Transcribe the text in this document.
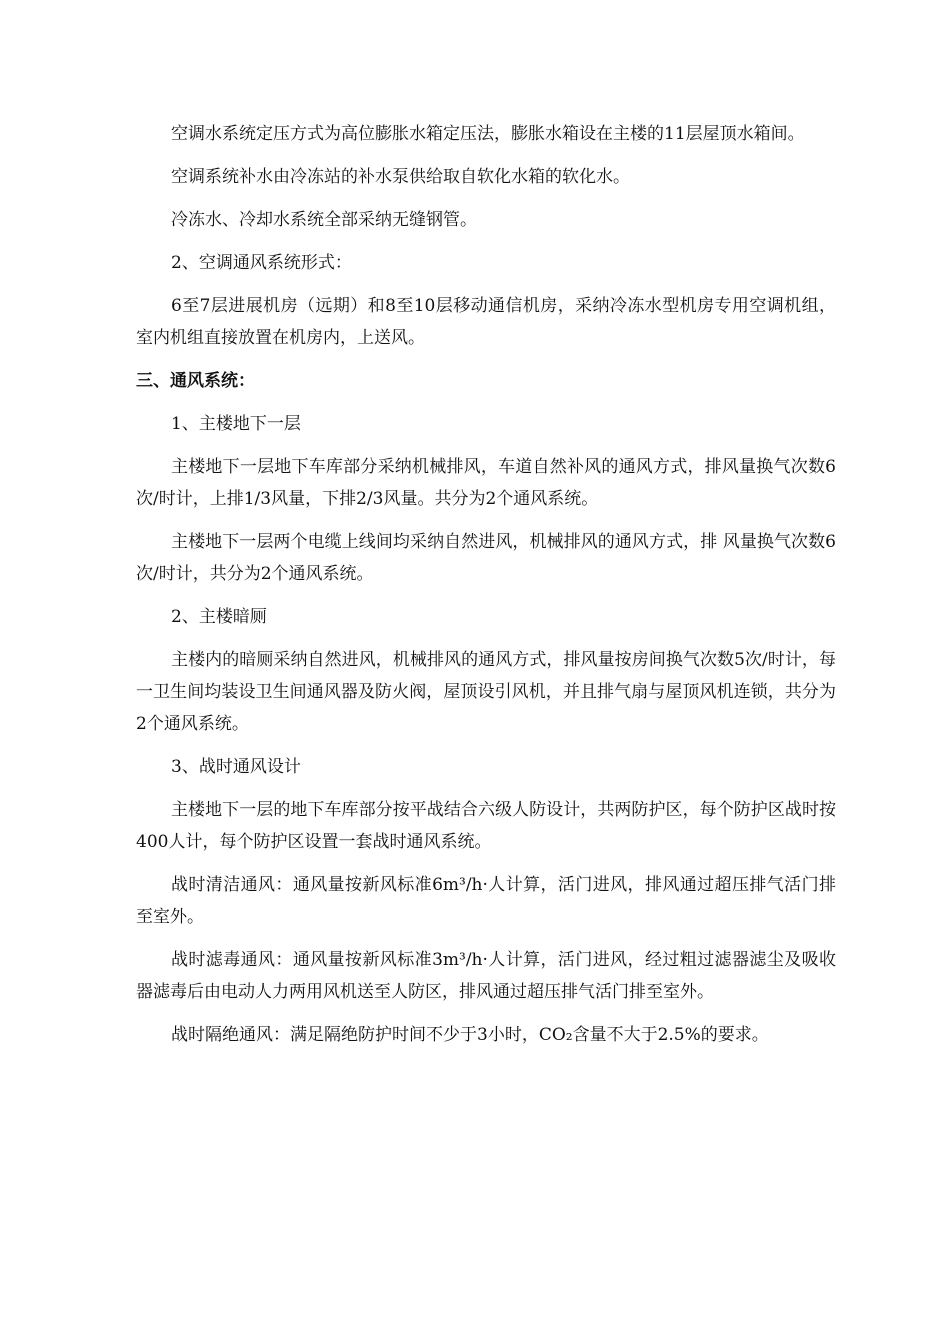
空调水系统定压方式为高位膨胀水箱定压法，膨胀水箱设在主楼的11层屋顶水箱间。

空调系统补水由冷冻站的补水泵供给取自软化水箱的软化水。

冷冻水、冷却水系统全部采纳无缝钢管。

2、空调通风系统形式：

6至7层进展机房（远期）和8至10层移动通信机房，采纳冷冻水型机房专用空调机组，室内机组直接放置在机房内，上送风。

三、通风系统：

1、主楼地下一层

主楼地下一层地下车库部分采纳机械排风，车道自然补风的通风方式，排风量换气次数6次/时计，上排1/3风量，下排2/3风量。共分为2个通风系统。

主楼地下一层两个电缆上线间均采纳自然进风，机械排风的通风方式，排 风量换气次数6次/时计，共分为2个通风系统。

2、主楼暗厕

主楼内的暗厕采纳自然进风，机械排风的通风方式，排风量按房间换气次数5次/时计，每一卫生间均装设卫生间通风器及防火阀，屋顶设引风机，并且排气扇与屋顶风机连锁，共分为2个通风系统。

3、战时通风设计

主楼地下一层的地下车库部分按平战结合六级人防设计，共两防护区，每个防护区战时按400人计，每个防护区设置一套战时通风系统。

战时清洁通风：通风量按新风标准6m³/h·人计算，活门进风，排风通过超压排气活门排至室外。

战时滤毒通风：通风量按新风标准3m³/h·人计算，活门进风，经过粗过滤器滤尘及吸收器滤毒后由电动人力两用风机送至人防区，排风通过超压排气活门排至室外。

战时隔绝通风：满足隔绝防护时间不少于3小时，CO₂含量不大于2.5%的要求。
